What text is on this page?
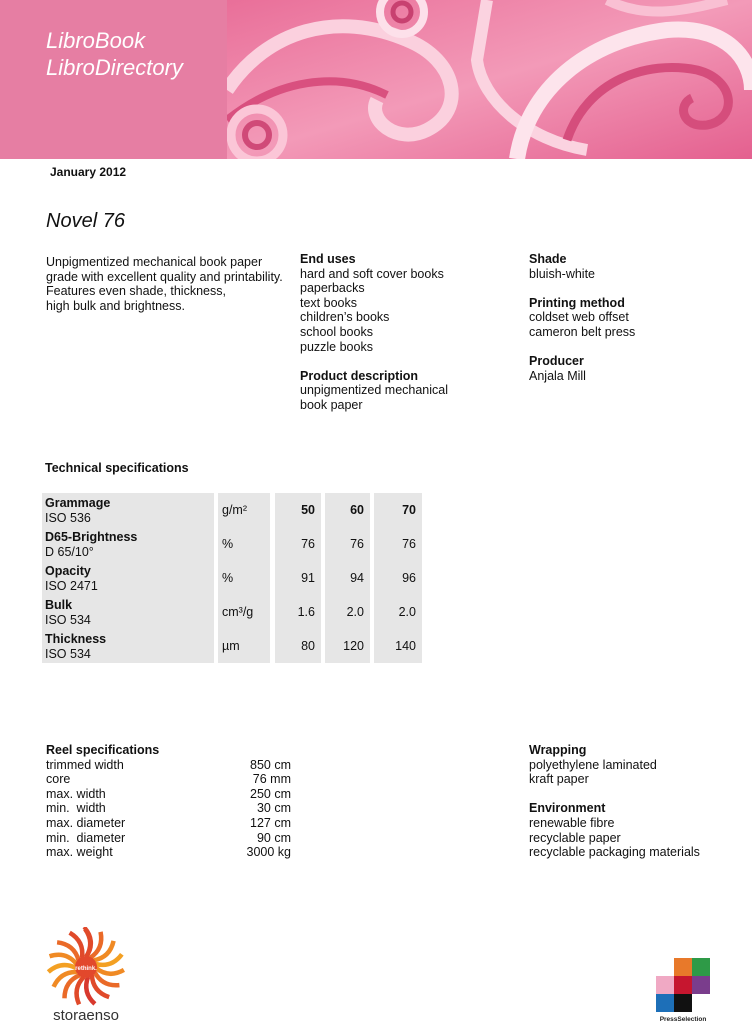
LibroBook
LibroDirectory
January 2012
Novel 76
Unpigmentized mechanical book paper
grade with excellent quality and printability.
Features even shade, thickness,
high bulk and brightness.
End uses
hard and soft cover books
paperbacks
text books
children’s books
school books
puzzle books
Product description
unpigmentized mechanical
book paper
Shade
bluish-white
Printing method
coldset web offset
cameron belt press
Producer
Anjala Mill
Technical specifications
Grammage
ISO 536
g/m²	50	60	70
D65-Brightness
D 65/10°
%	76	76	76
Opacity
ISO 2471
%	91	94	96
Bulk
ISO 534
cm³/g	1.6	2.0	2.0
Thickness
ISO 534
µm	80	120	140
Reel specifications
trimmed width	850 cm
core	76 mm
max. width	250 cm
min.  width	30 cm
max. diameter	127 cm
min.  diameter	90 cm
max. weight	3000 kg
Wrapping
polyethylene laminated
kraft paper
Environment
renewable fibre
recyclable paper
recyclable packaging materials
rethink.
storaenso	PressSelection
